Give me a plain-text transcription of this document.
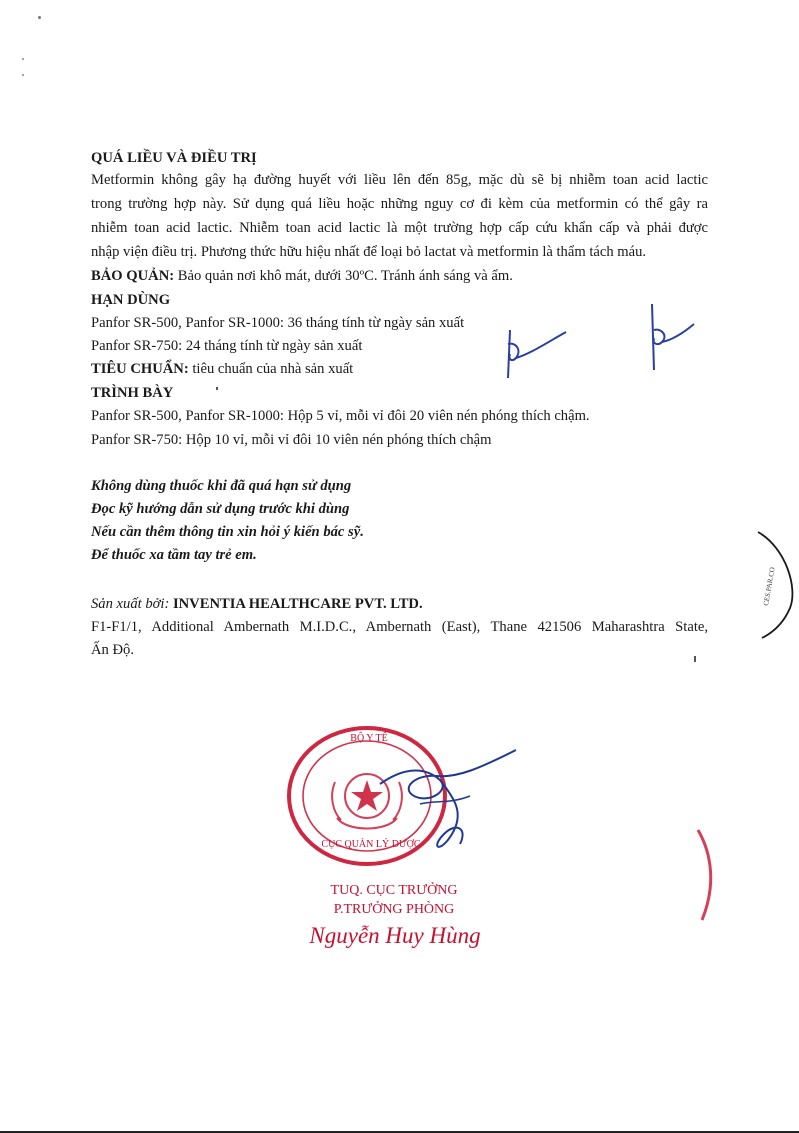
QUÁ LIỀU VÀ ĐIỀU TRỊ
Metformin không gây hạ đường huyết với liều lên đến 85g, mặc dù sẽ bị nhiễm toan acid lactic
trong trường hợp này. Sử dụng quá liều hoặc những nguy cơ đi kèm của metformin có thể gây ra
nhiễm toan acid lactic. Nhiễm toan acid lactic là một trường hợp cấp cứu khẩn cấp và phải được
nhập viện điều trị. Phương thức hữu hiệu nhất để loại bỏ lactat và metformin là thẩm tách máu.
BẢO QUẢN: Bảo quản nơi khô mát, dưới 30ºC. Tránh ánh sáng và ẩm.
HẠN DÙNG
Panfor SR-500, Panfor SR-1000: 36 tháng tính từ ngày sản xuất
Panfor SR-750: 24 tháng tính từ ngày sản xuất
TIÊU CHUẨN: tiêu chuẩn của nhà sản xuất
TRÌNH BÀY
Panfor SR-500, Panfor SR-1000: Hộp 5 vỉ, mỗi vỉ đôi 20 viên nén phóng thích chậm.
Panfor SR-750: Hộp 10 vỉ, mỗi vỉ đôi 10 viên nén phóng thích chậm
Không dùng thuốc khi đã quá hạn sử dụng
Đọc kỹ hướng dẫn sử dụng trước khi dùng
Nếu cần thêm thông tin xin hỏi ý kiến bác sỹ.
Để thuốc xa tầm tay trẻ em.
Sản xuất bởi: INVENTIA HEALTHCARE PVT. LTD.
F1-F1/1, Additional Ambernath M.I.D.C., Ambernath (East), Thane 421506 Maharashtra State,
Ấn Độ.
CES.PAR.CO
BỘ Y TẾ
CỤC QUẢN LÝ DƯỢC
TUQ. CỤC TRƯỞNG
P.TRƯỞNG PHÒNG
Nguyễn Huy Hùng
